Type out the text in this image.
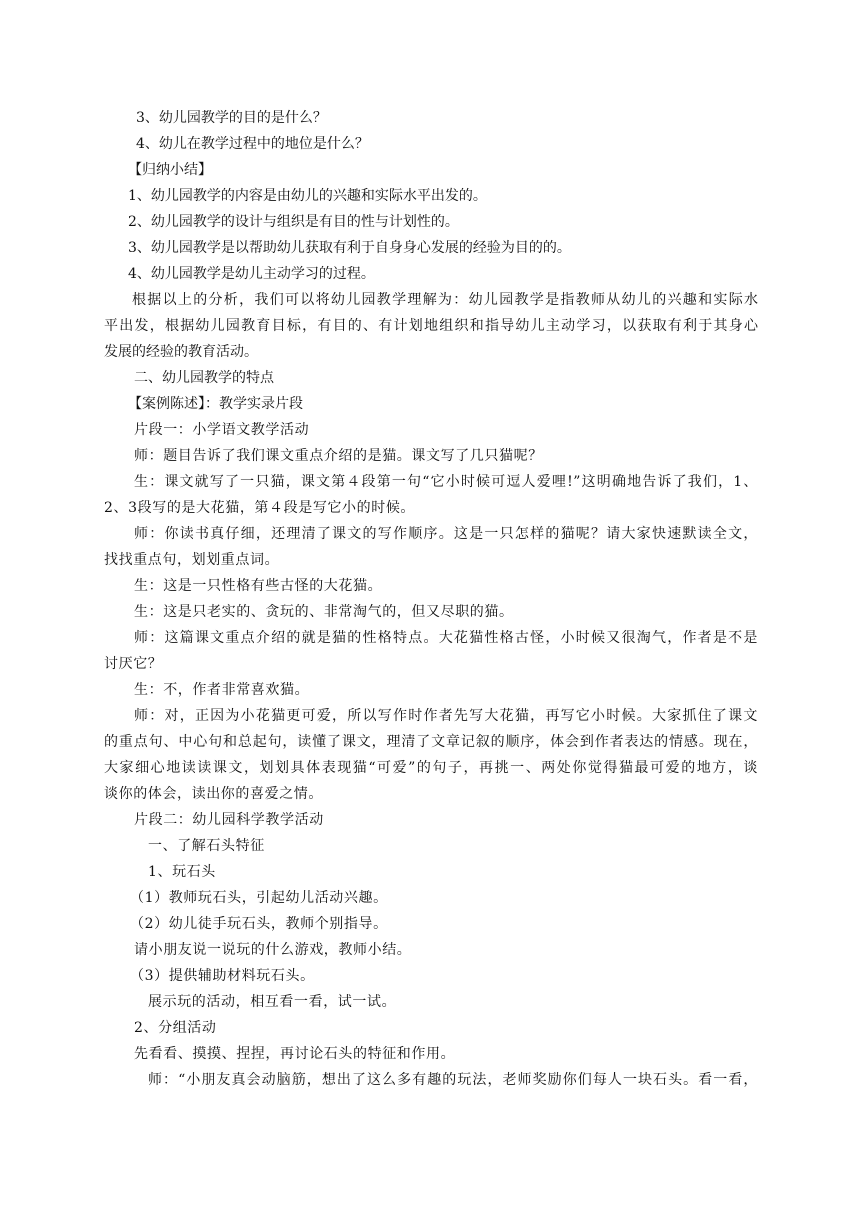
3、幼儿园教学的目的是什么？
4、幼儿在教学过程中的地位是什么？
【归纳小结】
1、幼儿园教学的内容是由幼儿的兴趣和实际水平出发的。
2、幼儿园教学的设计与组织是有目的性与计划性的。
3、幼儿园教学是以帮助幼儿获取有利于自身身心发展的经验为目的的。
4、幼儿园教学是幼儿主动学习的过程。
根据以上的分析，我们可以将幼儿园教学理解为：幼儿园教学是指教师从幼儿的兴趣和实际水
平出发，根据幼儿园教育目标，有目的、有计划地组织和指导幼儿主动学习，以获取有利于其身心
发展的经验的教育活动。
二、幼儿园教学的特点
【案例陈述】：教学实录片段
片段一：小学语文教学活动
师：题目告诉了我们课文重点介绍的是猫。课文写了几只猫呢？
生：课文就写了一只猫，课文第４段第一句“它小时候可逗人爱哩!”这明确地告诉了我们，1、
2、3段写的是大花猫，第４段是写它小的时候。
师：你读书真仔细，还理清了课文的写作顺序。这是一只怎样的猫呢？请大家快速默读全文，
找找重点句，划划重点词。
生：这是一只性格有些古怪的大花猫。
生：这是只老实的、贪玩的、非常淘气的，但又尽职的猫。
师：这篇课文重点介绍的就是猫的性格特点。大花猫性格古怪，小时候又很淘气，作者是不是
讨厌它？
生：不，作者非常喜欢猫。
师：对，正因为小花猫更可爱，所以写作时作者先写大花猫，再写它小时候。大家抓住了课文
的重点句、中心句和总起句，读懂了课文，理清了文章记叙的顺序，体会到作者表达的情感。现在，
大家细心地读读课文，划划具体表现猫“可爱”的句子，再挑一、两处你觉得猫最可爱的地方，谈
谈你的体会，读出你的喜爱之情。
片段二：幼儿园科学教学活动
一、了解石头特征
1、玩石头
（1）教师玩石头，引起幼儿活动兴趣。
（2）幼儿徒手玩石头，教师个别指导。
请小朋友说一说玩的什么游戏，教师小结。
（3）提供辅助材料玩石头。
展示玩的活动，相互看一看，试一试。
2、分组活动
先看看、摸摸、捏捏，再讨论石头的特征和作用。
师：“小朋友真会动脑筋，想出了这么多有趣的玩法，老师奖励你们每人一块石头。看一看，
